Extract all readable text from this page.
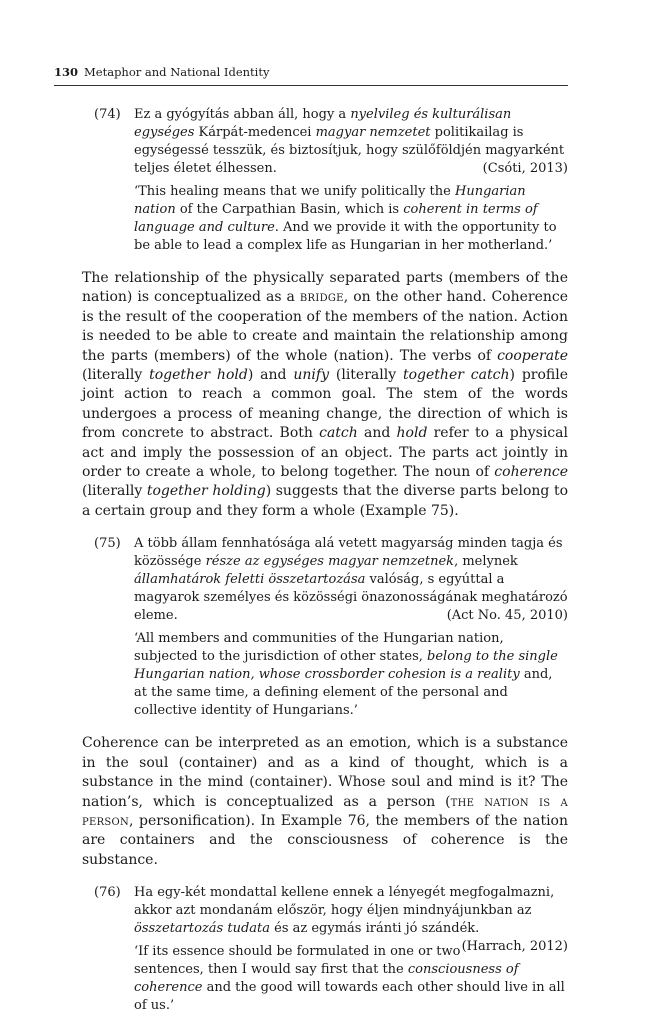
130 Metaphor and National Identity
(74) Ez a gyógyítás abban áll, hogy a nyelvileg és kulturálisan egységes Kárpát-medencei magyar nemzetet politikailag is egységessé tesszük, és biztosítjuk, hogy szülőföldjén magyarként teljes életet élhessen.	(Csóti, 2013)

‘This healing means that we unify politically the Hungarian nation of the Carpathian Basin, which is coherent in terms of language and culture. And we provide it with the opportunity to be able to lead a complex life as Hungarian in her motherland.’

The relationship of the physically separated parts (members of the nation) is conceptualized as a bridge, on the other hand. Coherence is the result of the cooperation of the members of the nation. Action is needed to be able to create and maintain the relationship among the parts (members) of the whole (nation). The verbs of cooperate (literally together hold) and unify (literally together catch) profile joint action to reach a common goal. The stem of the words undergoes a process of meaning change, the direction of which is from concrete to abstract. Both catch and hold refer to a physical act and imply the possession of an object. The parts act jointly in order to create a whole, to belong together. The noun of coherence (literally together holding) suggests that the diverse parts belong to a certain group and they form a whole (Example 75).

(75) A több állam fennhatósága alá vetett magyarság minden tagja és közössége része az egységes magyar nemzetnek, melynek államhatárok feletti összetartozása valóság, s egyúttal a magyarok személyes és közösségi önazonosságának meghatározó eleme.	(Act No. 45, 2010)

‘All members and communities of the Hungarian nation, subjected to the jurisdiction of other states, belong to the single Hungarian nation, whose crossborder cohesion is a reality and, at the same time, a defining element of the personal and collective identity of Hungarians.’

Coherence can be interpreted as an emotion, which is a substance in the soul (container) and as a kind of thought, which is a substance in the mind (container). Whose soul and mind is it? The nation’s, which is conceptualized as a person (the nation is a person, personification). In Example 76, the members of the nation are containers and the consciousness of coherence is the substance.

(76) Ha egy-két mondattal kellene ennek a lényegét megfogalmazni, akkor azt mondanám először, hogy éljen mindnyájunkban az összetartozás tudata és az egymás iránti jó szándék.
(Harrach, 2012)

‘If its essence should be formulated in one or two sentences, then I would say first that the consciousness of coherence and the good will towards each other should live in all of us.’
